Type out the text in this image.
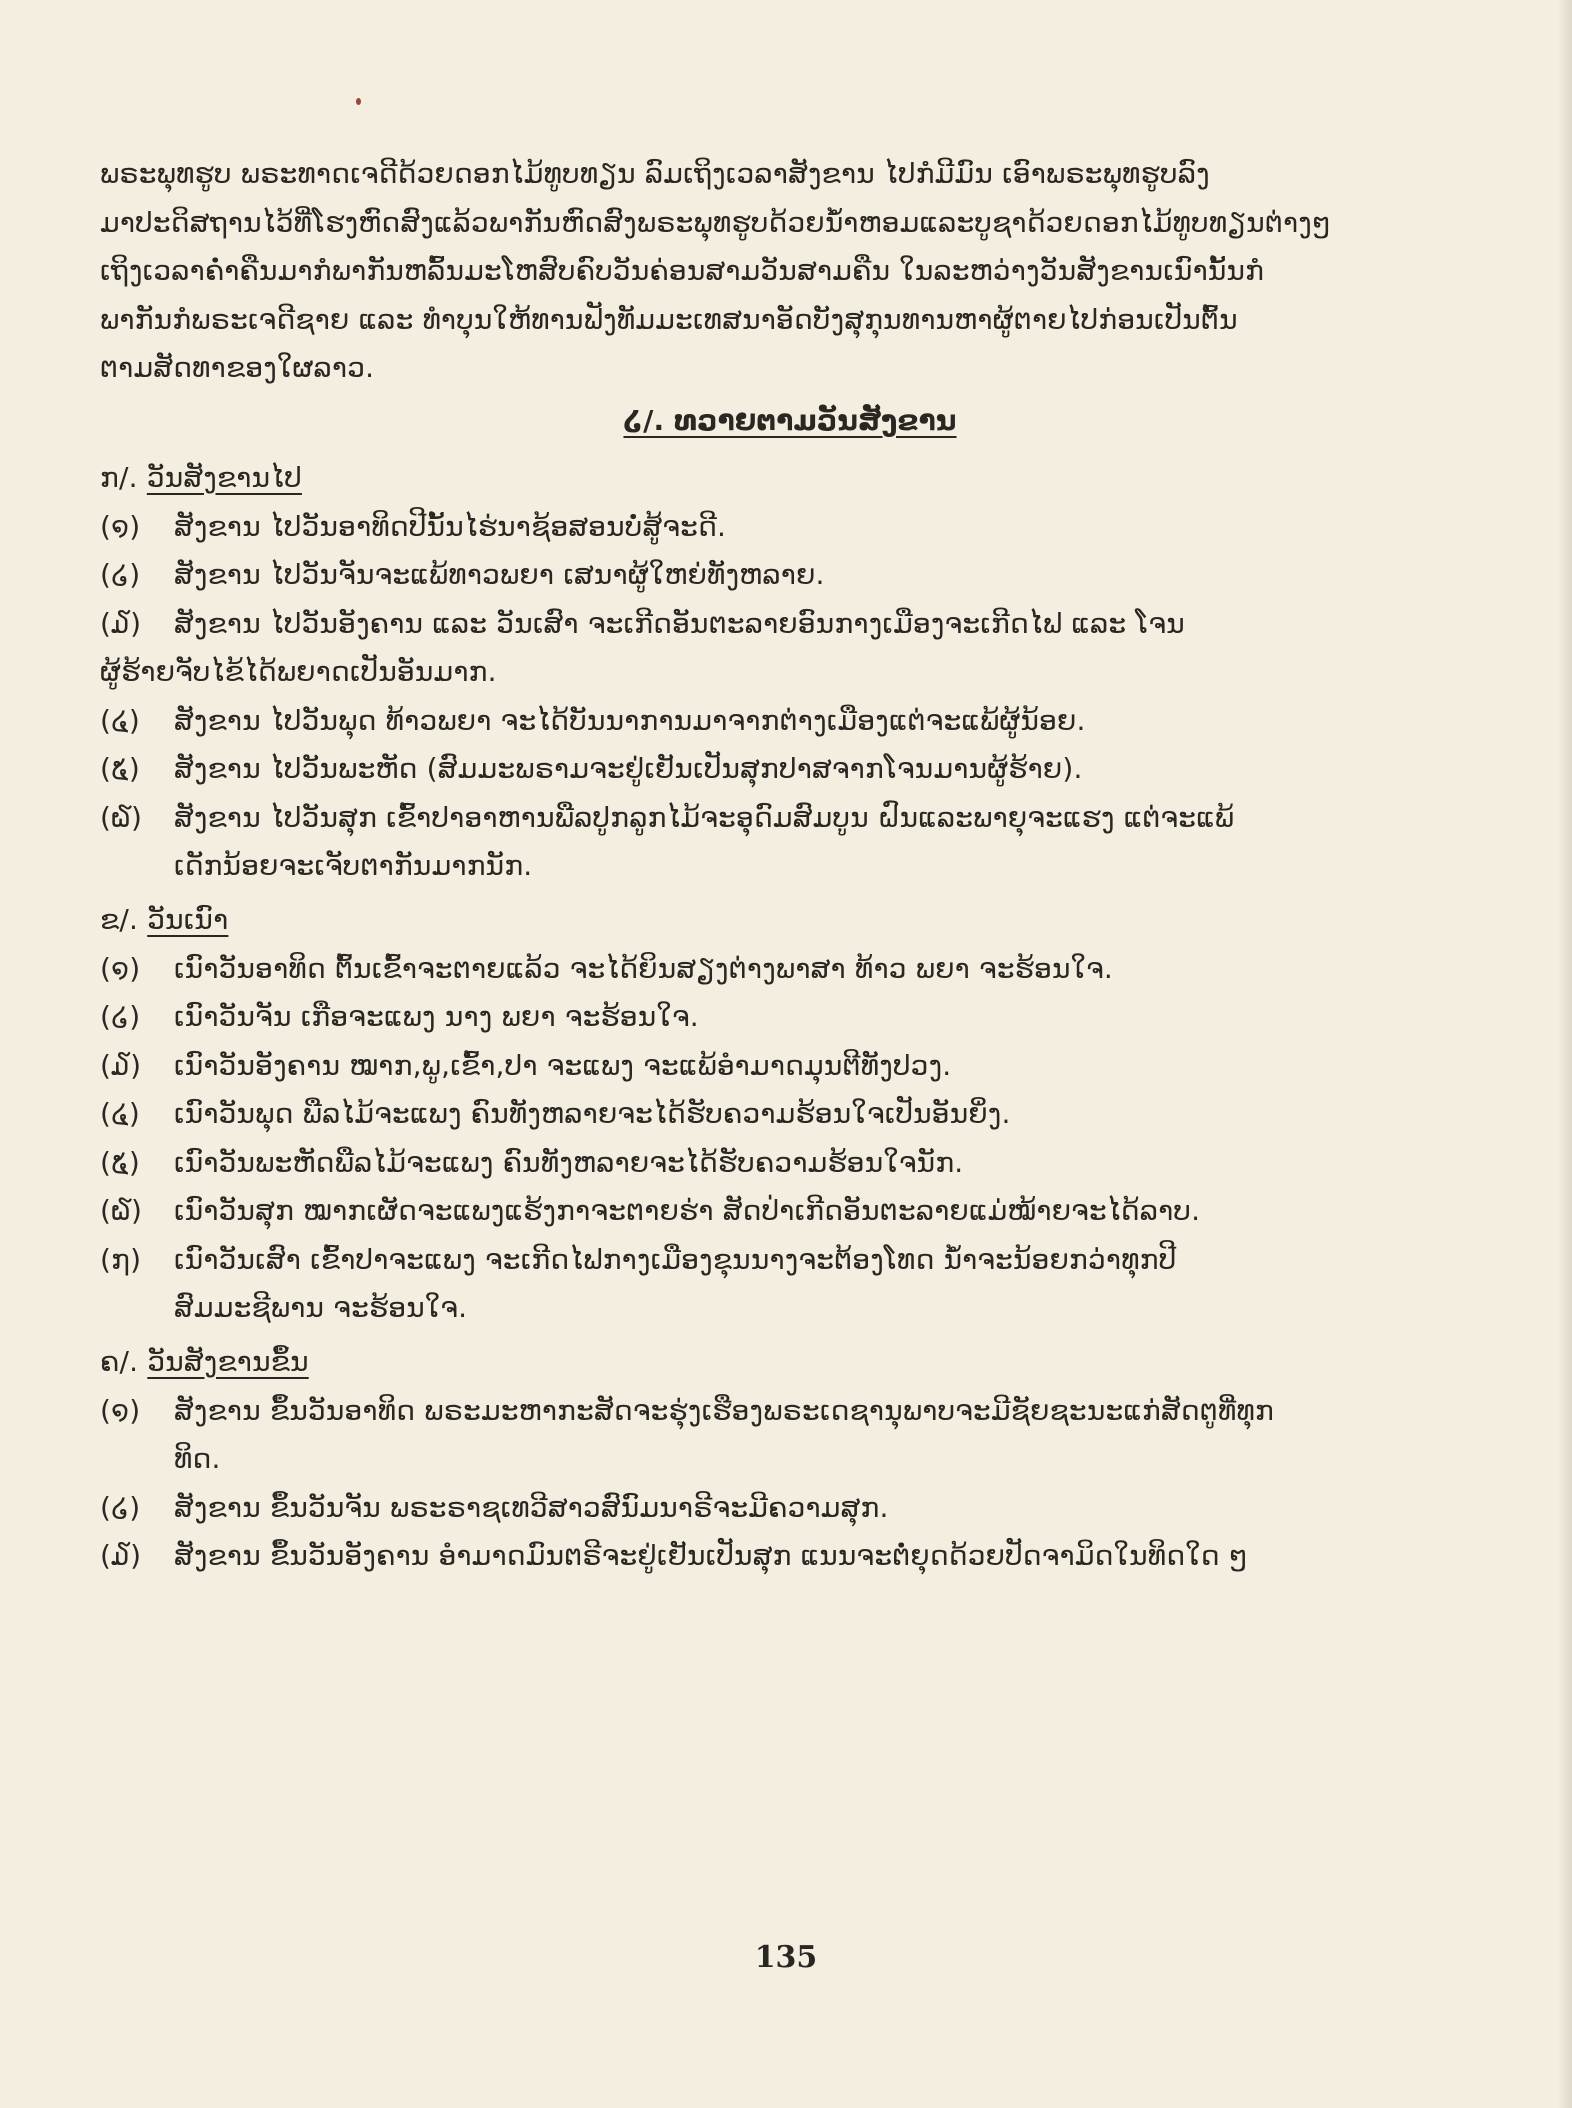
ພຣະພຸທຮູບ ພຣະທາດເຈດີດ້ວຍດອກໄມ້ທູບທຽນ ລົມເຖິງເວລາສັງຂານ ໄປກໍມີມົນ ເອົາພຣະພຸທຮູບລົງ
ມາປະດິສຖານໄວ້ທີ່ໂຮງຫົດສົງແລ້ວພາກັນຫົດສົງພຣະພຸທຮູບດ້ວຍນ້ຳຫອມແລະບູຊາດ້ວຍດອກໄມ້ທູບທຽນຕ່າງໆ
ເຖິງເວລາຄ່ຳຄືນມາກໍພາກັນຫລົ້ນມະໂຫສົບຄົບວັນຄ່ອນສາມວັນສາມຄືນ ໃນລະຫວ່າງວັນສັງຂານເນົານັ້ນກໍ
ພາກັນກໍພຣະເຈດີຊາຍ ແລະ ທຳບຸນໃຫ້ທານຟັງທັມມະເທສນາອັດບັງສຸກຸນທານຫາຜູ້ຕາຍໄປກ່ອນເປັນຕົ້ນ
ຕາມສັດທາຂອງໃຜລາວ.
໒/. ທວາຍຕາມວັນສັງຂານ
ກ/. ວັນສັງຂານໄປ
(໑)	ສັງຂານ ໄປວັນອາທິດປີນັ້ນໄຮ່ນາຊ້ອສອນບໍ່ສູ້ຈະດີ.
(໒)	ສັງຂານ ໄປວັນຈັນຈະແພ້ທາວພຍາ ເສນາຜູ້ໃຫຍ່ທັງຫລາຍ.
(໓)	ສັງຂານ ໄປວັນອັງຄານ ແລະ ວັນເສົາ ຈະເກີດອັນຕະລາຍອົນກາງເມືອງຈະເກີດໄຟ ແລະ ໂຈນ
ຜູ້ຮ້າຍຈັບໄຂ້ໄດ້ພຍາດເປັນອັນມາກ.
(໔)	ສັງຂານ ໄປວັນພຸດ ທ້າວພຍາ ຈະໄດ້ບັນນາການມາຈາກຕ່າງເມືອງແຕ່ຈະແພ້ຜູ້ນ້ອຍ.
(໕)	ສັງຂານ ໄປວັນພະຫັດ (ສົມມະພຣາມຈະຢູ່ເຢັນເປັນສຸກປາສຈາກໂຈນມານຜູ້ຮ້າຍ).
(໖)	ສັງຂານ ໄປວັນສຸກ ເຂົ້າປາອາຫານພືລປູກລູກໄມ້ຈະອຸດົມສົມບູນ ຝົນແລະພາຍຸຈະແຮງ ແຕ່ຈະແພ້
ເດັກນ້ອຍຈະເຈັບຕາກັນມາກນັກ.
ຂ/. ວັນເນົາ
(໑)	ເນົາວັນອາທິດ ຕົ້ນເຂົ້າຈະຕາຍແລ້ວ ຈະໄດ້ຍິນສຽງຕ່າງພາສາ ທ້າວ ພຍາ ຈະຮ້ອນໃຈ.
(໒)	ເນົາວັນຈັນ ເກືອຈະແພງ ນາງ ພຍາ ຈະຮ້ອນໃຈ.
(໓)	ເນົາວັນອັງຄານ ໝາກ,ພູ,ເຂົ້າ,ປາ ຈະແພງ ຈະແພ້ອຳມາດມຸນຕີທັງປວງ.
(໔)	ເນົາວັນພຸດ ພືລໄມ້ຈະແພງ ຄົນທັງຫລາຍຈະໄດ້ຮັບຄວາມຮ້ອນໃຈເປັນອັນຍິ່ງ.
(໕)	ເນົາວັນພະຫັດພືລໄມ້ຈະແພງ ຄົນທັງຫລາຍຈະໄດ້ຮັບຄວາມຮ້ອນໃຈນັກ.
(໖)	ເນົາວັນສຸກ ໝາກເຜັດຈະແພງແຮ້ງກາຈະຕາຍຮ່າ ສັດປ່າເກີດອັນຕະລາຍແມ່ໝ້າຍຈະໄດ້ລາບ.
(໗)	ເນົາວັນເສົາ ເຂົ້າປາຈະແພງ ຈະເກີດໄຟກາງເມືອງຂຸນນາງຈະຕ້ອງໂທດ ນ້ຳຈະນ້ອຍກວ່າທຸກປີ
ສົມມະຊີພານ ຈະຮ້ອນໃຈ.
ຄ/. ວັນສັງຂານຂຶ້ນ
(໑)	ສັງຂານ ຂຶ້ນວັນອາທິດ ພຣະມະຫາກະສັດຈະຮຸ່ງເຮືອງພຣະເດຊານຸພາບຈະມີຊັຍຊະນະແກ່ສັດຕູທີ່ທຸກ
ທິດ.
(໒)	ສັງຂານ ຂຶ້ນວັນຈັນ ພຣະຣາຊເທວີສາວສົນົມນາຣີຈະມີຄວາມສຸກ.
(໓)	ສັງຂານ ຂຶ້ນວັນອັງຄານ ອຳມາດມົນຕຣີຈະຢູ່ເຢັນເປັນສຸກ ແນນຈະຕໍ່ຍຸດດ້ວຍປັດຈາມິດໃນທິດໃດ ໆ
135
